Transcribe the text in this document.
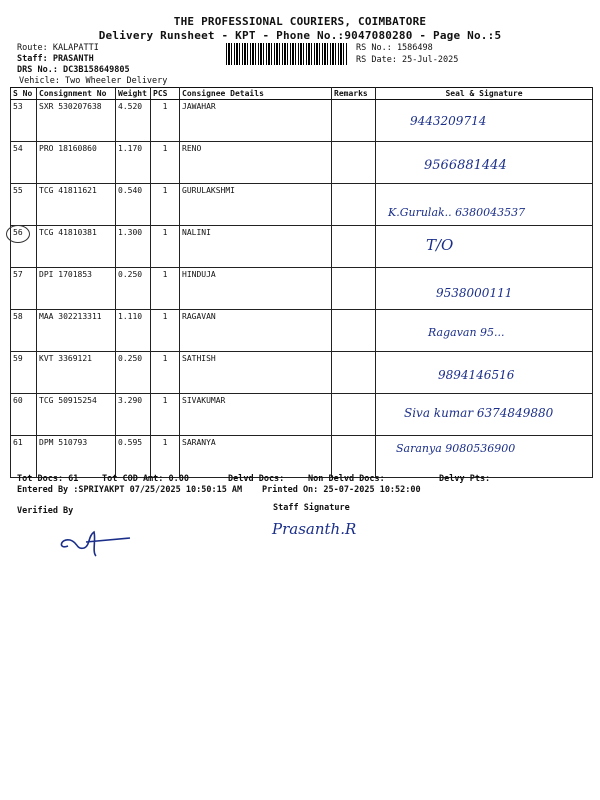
THE PROFESSIONAL COURIERS, COIMBATORE
Delivery Runsheet - KPT - Phone No.:9047080280 - Page No.:5
Route: KALAPATTI
Staff: PRASANTH
DRS No.: DC3B158649805
Vehicle: Two Wheeler Delivery
RS No.: 1586498
RS Date: 25-Jul-2025
S No	Consignment No	Weight	PCS	Consignee Details	Remarks	Seal & Signature
53	SXR 530207638	4.520	1	JAWAHAR		9443209714

54	PRO 18160860	1.170	1	RENO		9566881444

55	TCG 41811621	0.540	1	GURULAKSHMI		K.Gurulak.. 6380043537

56	TCG 41810381	1.300	1	NALINI		T/O

57	DPI 1701853	0.250	1	HINDUJA		9538000111

58	MAA 302213311	1.110	1	RAGAVAN		Ragavan 95...

59	KVT 3369121	0.250	1	SATHISH		9894146516

60	TCG 50915254	3.290	1	SIVAKUMAR		Siva kumar 6374849880

61	DPM 510793	0.595	1	SARANYA		Saranya 9080536900
Tot Docs: 61	Tot COD Amt: 0.00	Delvd Docs:	Non Delvd Docs:	Delvy Pts:
Entered By :SPRIYAKPT 07/25/2025 10:50:15 AM Printed On: 25-07-2025 10:52:00
Verified By	Staff Signature
Prasanth.R
